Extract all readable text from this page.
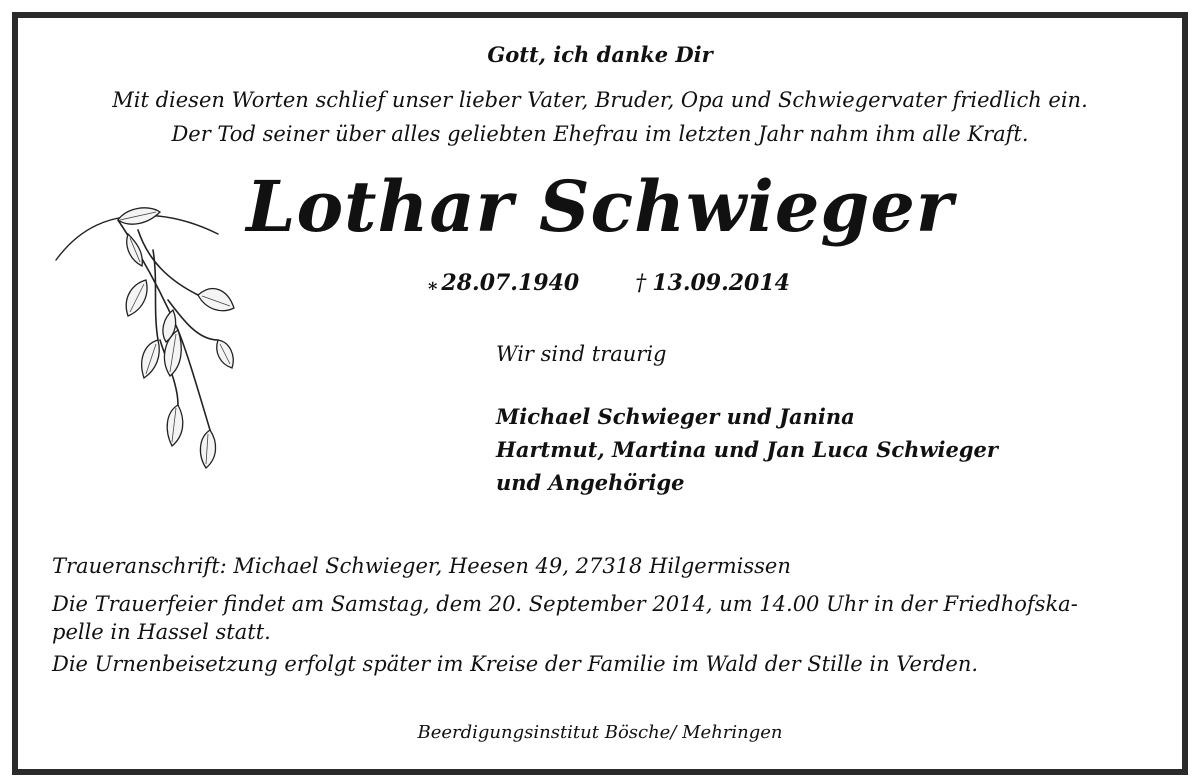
Gott, ich danke Dir
Mit diesen Worten schlief unser lieber Vater, Bruder, Opa und Schwiegervater friedlich ein.
Der Tod seiner über alles geliebten Ehefrau im letzten Jahr nahm ihm alle Kraft.
Lothar Schwieger
⁎ 28.07.1940	† 13.09.2014
Wir sind traurig
Michael Schwieger und Janina
Hartmut, Martina und Jan Luca Schwieger
und Angehörige
Traueranschrift: Michael Schwieger, Heesen 49, 27318 Hilgermissen
Die Trauerfeier findet am Samstag, dem 20. September 2014, um 14.00 Uhr in der Friedhofska-
pelle in Hassel statt.
Die Urnenbeisetzung erfolgt später im Kreise der Familie im Wald der Stille in Verden.
Beerdigungsinstitut Bösche/ Mehringen
